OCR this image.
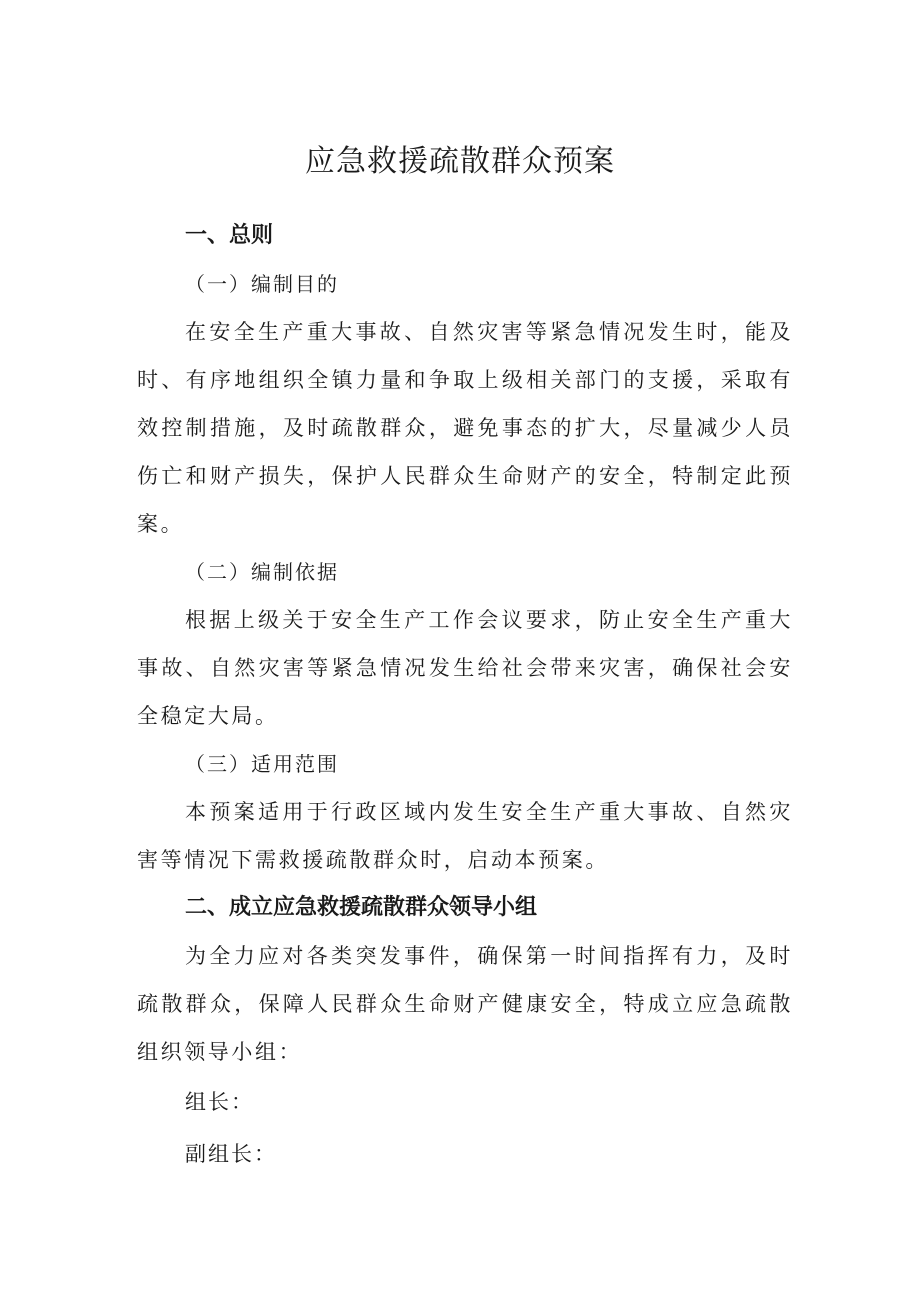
应急救援疏散群众预案

一、总则

（一）编制目的

在安全生产重大事故、自然灾害等紧急情况发生时，能及时、有序地组织全镇力量和争取上级相关部门的支援，采取有效控制措施，及时疏散群众，避免事态的扩大，尽量减少人员伤亡和财产损失，保护人民群众生命财产的安全，特制定此预案。

（二）编制依据

根据上级关于安全生产工作会议要求，防止安全生产重大事故、自然灾害等紧急情况发生给社会带来灾害，确保社会安全稳定大局。

（三）适用范围

本预案适用于行政区域内发生安全生产重大事故、自然灾害等情况下需救援疏散群众时，启动本预案。

二、成立应急救援疏散群众领导小组

为全力应对各类突发事件，确保第一时间指挥有力，及时疏散群众，保障人民群众生命财产健康安全，特成立应急疏散组织领导小组：

组长：

副组长：
